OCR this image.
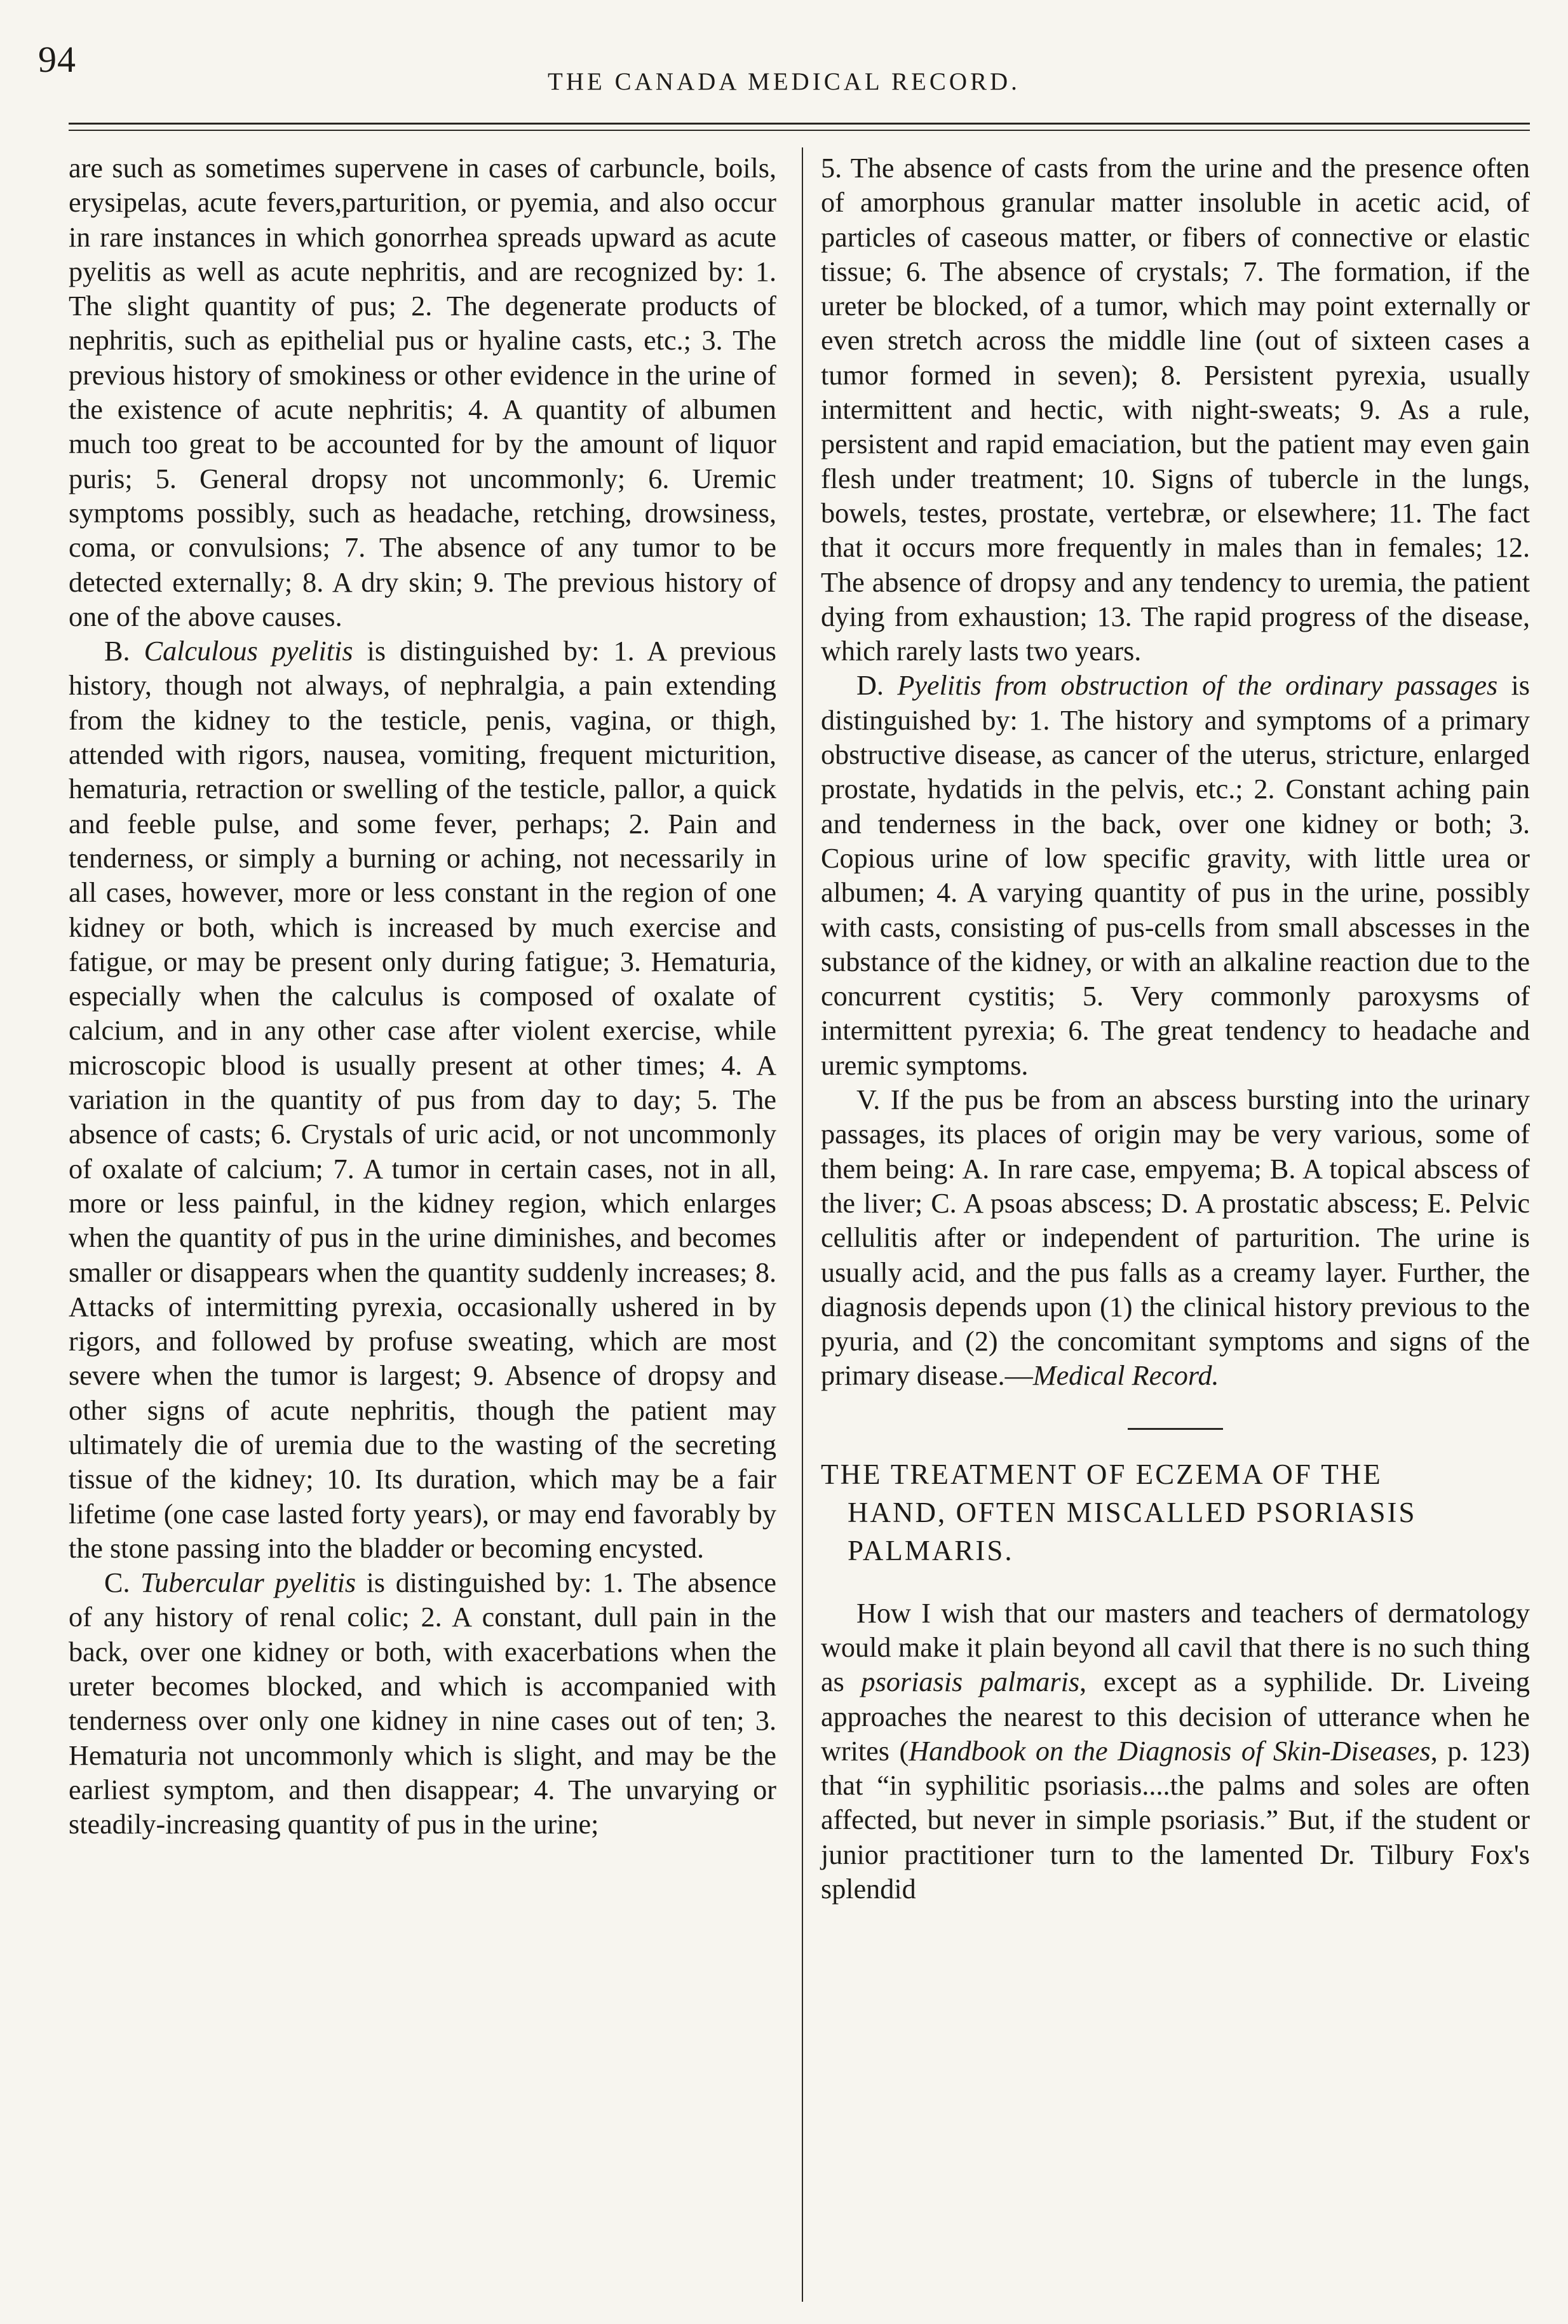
94
THE CANADA MEDICAL RECORD.

are such as sometimes supervene in cases of carbuncle, boils, erysipelas, acute fevers,parturition, or pyemia, and also occur in rare instances in which gonorrhea spreads upward as acute pyelitis as well as acute nephritis, and are recognized by: 1. The slight quantity of pus; 2. The degenerate products of nephritis, such as epithelial pus or hyaline casts, etc.; 3. The previous history of smokiness or other evidence in the urine of the existence of acute nephritis; 4. A quantity of albumen much too great to be accounted for by the amount of liquor puris; 5. General dropsy not uncommonly; 6. Uremic symptoms possibly, such as headache, retching, drowsiness, coma, or convulsions; 7. The absence of any tumor to be detected externally; 8. A dry skin; 9. The previous history of one of the above causes.

B. Calculous pyelitis is distinguished by: 1. A previous history, though not always, of nephralgia, a pain extending from the kidney to the testicle, penis, vagina, or thigh, attended with rigors, nausea, vomiting, frequent micturition, hematuria, retraction or swelling of the testicle, pallor, a quick and feeble pulse, and some fever, perhaps; 2. Pain and tenderness, or simply a burning or aching, not necessarily in all cases, however, more or less constant in the region of one kidney or both, which is increased by much exercise and fatigue, or may be present only during fatigue; 3. Hematuria, especially when the calculus is composed of oxalate of calcium, and in any other case after violent exercise, while microscopic blood is usually present at other times; 4. A variation in the quantity of pus from day to day; 5. The absence of casts; 6. Crystals of uric acid, or not uncommonly of oxalate of calcium; 7. A tumor in certain cases, not in all, more or less painful, in the kidney region, which enlarges when the quantity of pus in the urine diminishes, and becomes smaller or disappears when the quantity suddenly increases; 8. Attacks of intermitting pyrexia, occasionally ushered in by rigors, and followed by profuse sweating, which are most severe when the tumor is largest; 9. Absence of dropsy and other signs of acute nephritis, though the patient may ultimately die of uremia due to the wasting of the secreting tissue of the kidney; 10. Its duration, which may be a fair lifetime (one case lasted forty years), or may end favorably by the stone passing into the bladder or becoming encysted.

C. Tubercular pyelitis is distinguished by: 1. The absence of any history of renal colic; 2. A constant, dull pain in the back, over one kidney or both, with exacerbations when the ureter becomes blocked, and which is accompanied with tenderness over only one kidney in nine cases out of ten; 3. Hematuria not uncommonly which is slight, and may be the earliest symptom, and then disappear; 4. The unvarying or steadily-increasing quantity of pus in the urine;

5. The absence of casts from the urine and the presence often of amorphous granular matter insoluble in acetic acid, of particles of caseous matter, or fibers of connective or elastic tissue; 6. The absence of crystals; 7. The formation, if the ureter be blocked, of a tumor, which may point externally or even stretch across the middle line (out of sixteen cases a tumor formed in seven); 8. Persistent pyrexia, usually intermittent and hectic, with night-sweats; 9. As a rule, persistent and rapid emaciation, but the patient may even gain flesh under treatment; 10. Signs of tubercle in the lungs, bowels, testes, prostate, vertebræ, or elsewhere; 11. The fact that it occurs more frequently in males than in females; 12. The absence of dropsy and any tendency to uremia, the patient dying from exhaustion; 13. The rapid progress of the disease, which rarely lasts two years.

D. Pyelitis from obstruction of the ordinary passages is distinguished by: 1. The history and symptoms of a primary obstructive disease, as cancer of the uterus, stricture, enlarged prostate, hydatids in the pelvis, etc.; 2. Constant aching pain and tenderness in the back, over one kidney or both; 3. Copious urine of low specific gravity, with little urea or albumen; 4. A varying quantity of pus in the urine, possibly with casts, consisting of pus-cells from small abscesses in the substance of the kidney, or with an alkaline reaction due to the concurrent cystitis; 5. Very commonly paroxysms of intermittent pyrexia; 6. The great tendency to headache and uremic symptoms.

V. If the pus be from an abscess bursting into the urinary passages, its places of origin may be very various, some of them being: A. In rare case, empyema; B. A topical abscess of the liver; C. A psoas abscess; D. A prostatic abscess; E. Pelvic cellulitis after or independent of parturition. The urine is usually acid, and the pus falls as a creamy layer. Further, the diagnosis depends upon (1) the clinical history previous to the pyuria, and (2) the concomitant symptoms and signs of the primary disease.—Medical Record.

THE TREATMENT OF ECZEMA OF THE
HAND, OFTEN MISCALLED PSORIASIS PALMARIS.

How I wish that our masters and teachers of dermatology would make it plain beyond all cavil that there is no such thing as psoriasis palmaris, except as a syphilide. Dr. Liveing approaches the nearest to this decision of utterance when he writes (Handbook on the Diagnosis of Skin-Diseases, p. 123) that “in syphilitic psoriasis....the palms and soles are often affected, but never in simple psoriasis.” But, if the student or junior practitioner turn to the lamented Dr. Tilbury Fox's splendid
